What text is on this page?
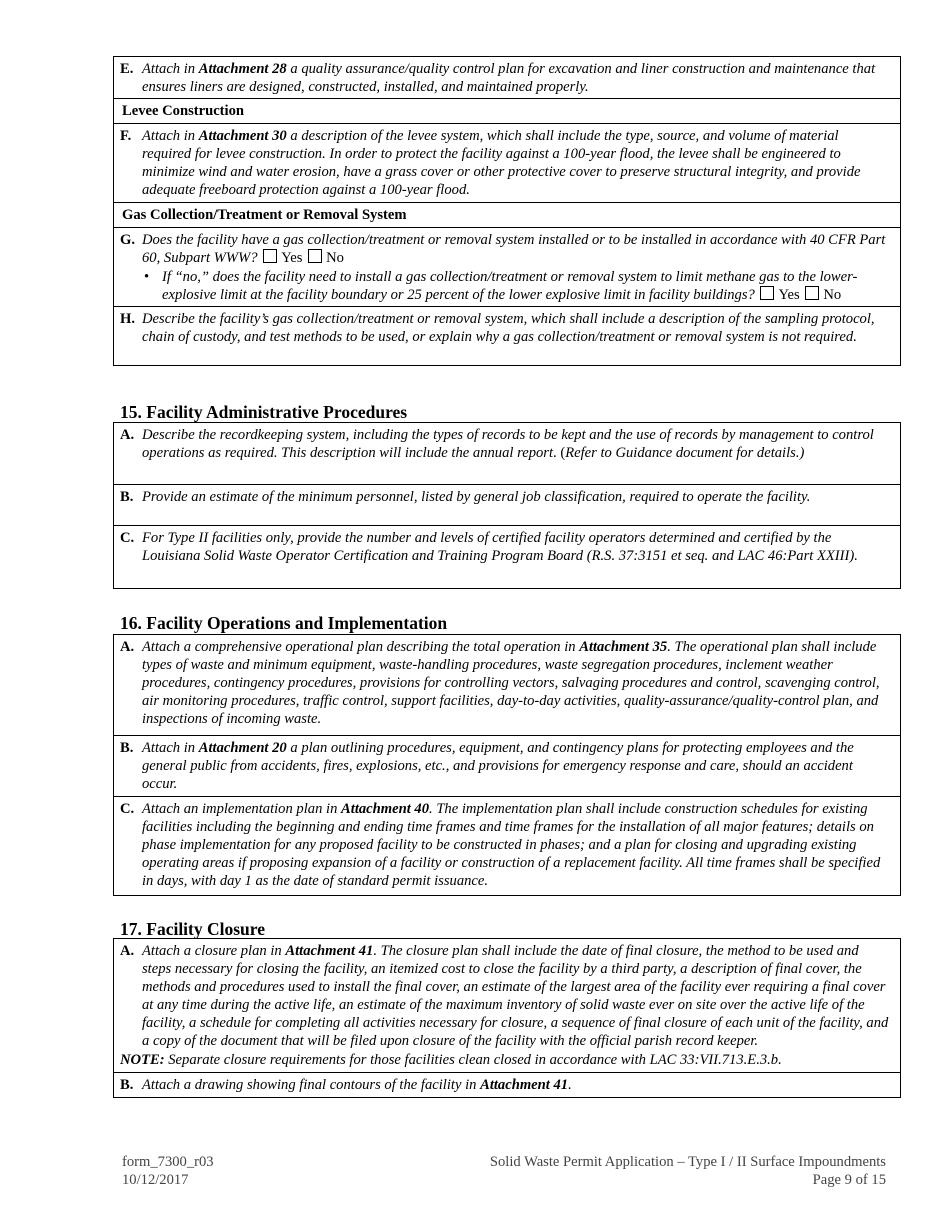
E. Attach in Attachment 28 a quality assurance/quality control plan for excavation and liner construction and maintenance that ensures liners are designed, constructed, installed, and maintained properly.
Levee Construction
F. Attach in Attachment 30 a description of the levee system, which shall include the type, source, and volume of material required for levee construction. In order to protect the facility against a 100-year flood, the levee shall be engineered to minimize wind and water erosion, have a grass cover or other protective cover to preserve structural integrity, and provide adequate freeboard protection against a 100-year flood.
Gas Collection/Treatment or Removal System
G. Does the facility have a gas collection/treatment or removal system installed or to be installed in accordance with 40 CFR Part 60, Subpart WWW? Yes No
• If “no,” does the facility need to install a gas collection/treatment or removal system to limit methane gas to the lower-explosive limit at the facility boundary or 25 percent of the lower explosive limit in facility buildings? Yes No
H. Describe the facility’s gas collection/treatment or removal system, which shall include a description of the sampling protocol, chain of custody, and test methods to be used, or explain why a gas collection/treatment or removal system is not required.
15. Facility Administrative Procedures
A. Describe the recordkeeping system, including the types of records to be kept and the use of records by management to control operations as required. This description will include the annual report. (Refer to Guidance document for details.)
B. Provide an estimate of the minimum personnel, listed by general job classification, required to operate the facility.
C. For Type II facilities only, provide the number and levels of certified facility operators determined and certified by the Louisiana Solid Waste Operator Certification and Training Program Board (R.S. 37:3151 et seq. and LAC 46:Part XXIII).
16. Facility Operations and Implementation
A. Attach a comprehensive operational plan describing the total operation in Attachment 35. The operational plan shall include types of waste and minimum equipment, waste-handling procedures, waste segregation procedures, inclement weather procedures, contingency procedures, provisions for controlling vectors, salvaging procedures and control, scavenging control, air monitoring procedures, traffic control, support facilities, day-to-day activities, quality-assurance/quality-control plan, and inspections of incoming waste.
B. Attach in Attachment 20 a plan outlining procedures, equipment, and contingency plans for protecting employees and the general public from accidents, fires, explosions, etc., and provisions for emergency response and care, should an accident occur.
C. Attach an implementation plan in Attachment 40. The implementation plan shall include construction schedules for existing facilities including the beginning and ending time frames and time frames for the installation of all major features; details on phase implementation for any proposed facility to be constructed in phases; and a plan for closing and upgrading existing operating areas if proposing expansion of a facility or construction of a replacement facility. All time frames shall be specified in days, with day 1 as the date of standard permit issuance.
17. Facility Closure
A. Attach a closure plan in Attachment 41. The closure plan shall include the date of final closure, the method to be used and steps necessary for closing the facility, an itemized cost to close the facility by a third party, a description of final cover, the methods and procedures used to install the final cover, an estimate of the largest area of the facility ever requiring a final cover at any time during the active life, an estimate of the maximum inventory of solid waste ever on site over the active life of the facility, a schedule for completing all activities necessary for closure, a sequence of final closure of each unit of the facility, and a copy of the document that will be filed upon closure of the facility with the official parish record keeper.
NOTE: Separate closure requirements for those facilities clean closed in accordance with LAC 33:VII.713.E.3.b.
B. Attach a drawing showing final contours of the facility in Attachment 41.
form_7300_r03
10/12/2017
Solid Waste Permit Application – Type I / II Surface Impoundments
Page 9 of 15
